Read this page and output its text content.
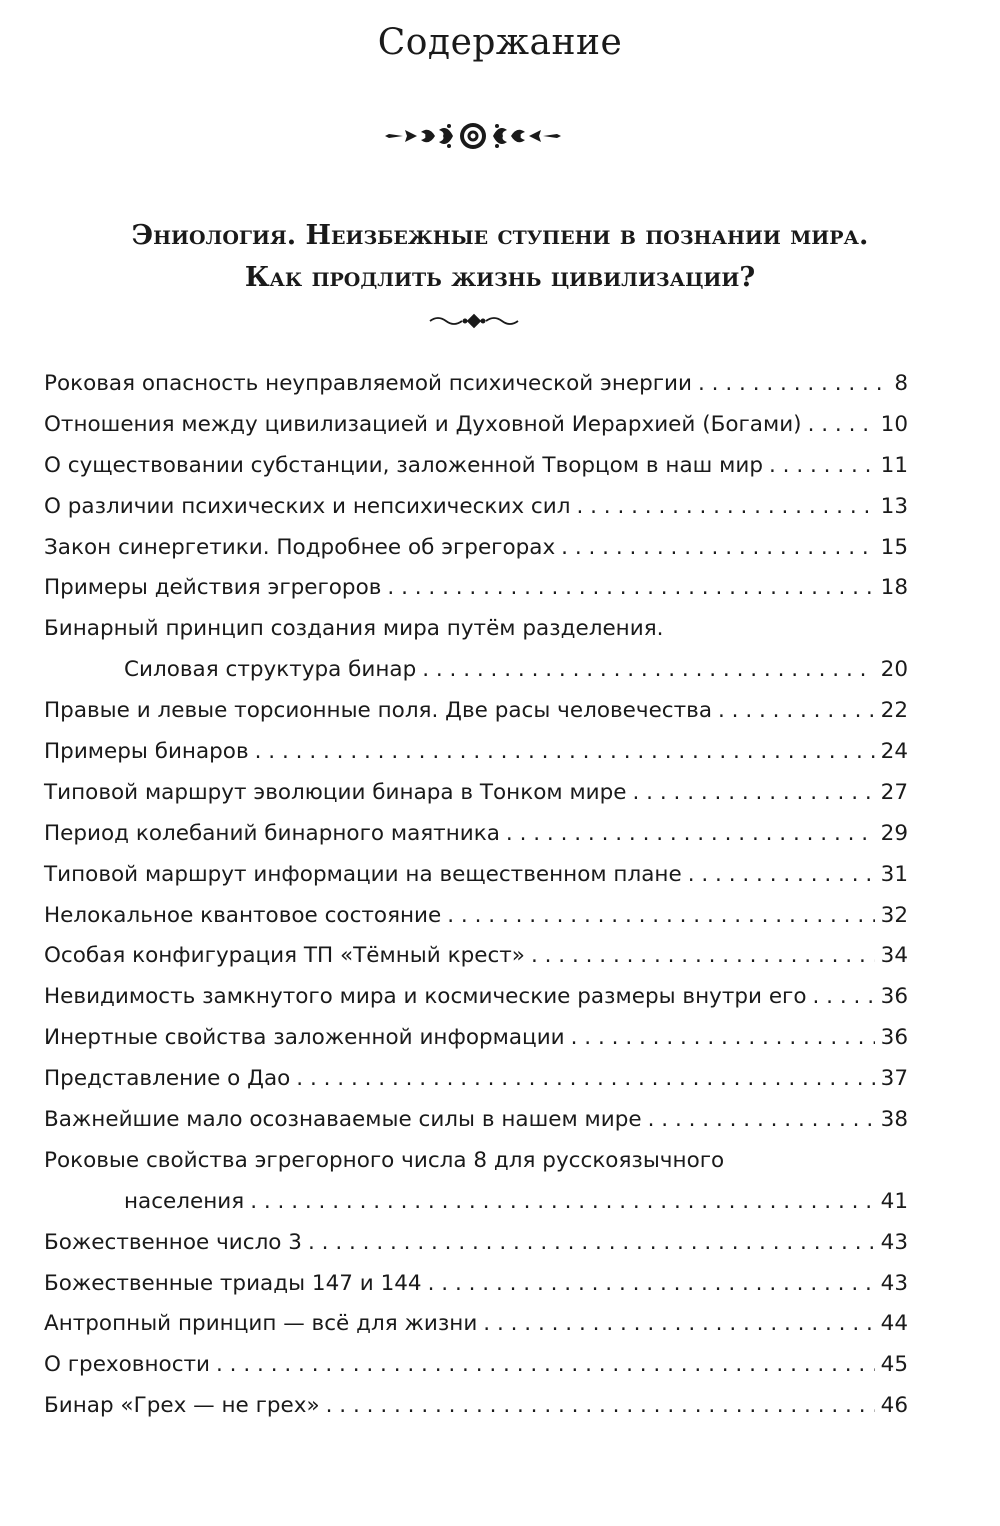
Содержание
Эниология. Неизбежные ступени в познании мира.
Как продлить жизнь цивилизации?
Роковая опасность неуправляемой психической энергии . . .	8
Отношения между цивилизацией и Духовной Иерархией (Богами) . . .	10
О существовании субстанции, заложенной Творцом в наш мир . . .	11
О различии психических и непсихических сил . . .	13
Закон синергетики. Подробнее об эгрегорах . . .	15
Примеры действия эгрегоров . . .	18
Бинарный принцип создания мира путём разделения.
Силовая структура бинар . . .	20
Правые и левые торсионные поля. Две расы человечества . . .	22
Примеры бинаров . . .	24
Типовой маршрут эволюции бинара в Тонком мире . . .	27
Период колебаний бинарного маятника . . .	29
Типовой маршрут информации на вещественном плане . . .	31
Нелокальное квантовое состояние . . .	32
Особая конфигурация ТП «Тёмный крест» . . .	34
Невидимость замкнутого мира и космические размеры внутри его . . .	36
Инертные свойства заложенной информации . . .	36
Представление о Дао . . .	37
Важнейшие мало осознаваемые силы в нашем мире . . .	38
Роковые свойства эгрегорного числа 8 для русскоязычного
населения . . .	41
Божественное число 3 . . .	43
Божественные триады 147 и 144 . . .	43
Антропный принцип — всё для жизни . . .	44
О греховности . . .	45
Бинар «Грех — не грех» . . .	46
